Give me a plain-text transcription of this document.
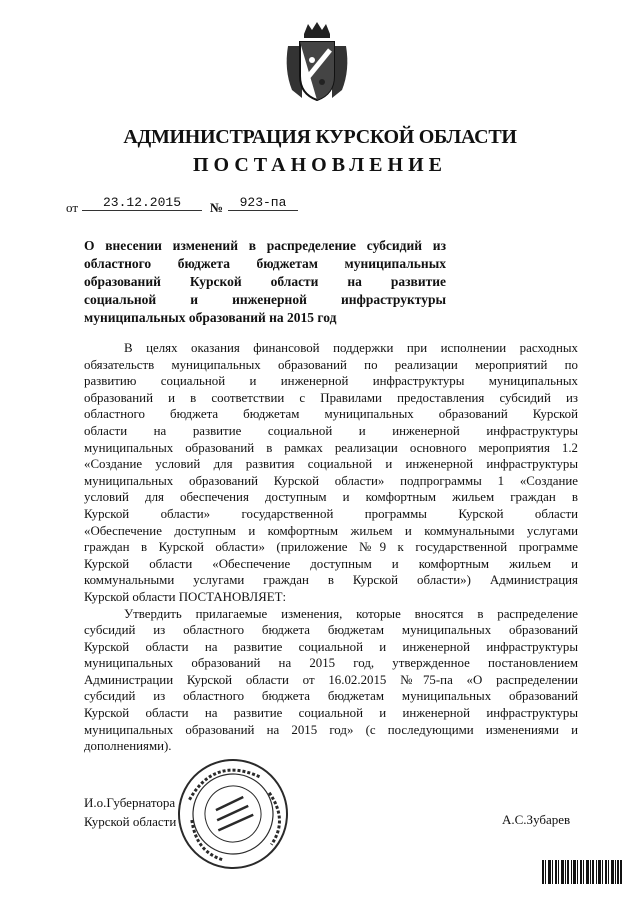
АДМИНИСТРАЦИЯ КУРСКОЙ ОБЛАСТИ
ПОСТАНОВЛЕНИЕ
от	23.12.2015	№	923-па
О внесении изменений в распределение субсидий из
областного бюджета бюджетам муниципальных
образований Курской области на развитие
социальной и инженерной инфраструктуры
муниципальных образований на 2015 год
В целях оказания финансовой поддержки при исполнении расходных
обязательств муниципальных образований по реализации мероприятий по
развитию социальной и инженерной инфраструктуры муниципальных
образований и в соответствии с Правилами предоставления субсидий из
областного бюджета бюджетам муниципальных образований Курской
области на развитие социальной и инженерной инфраструктуры
муниципальных образований в рамках реализации основного мероприятия 1.2
«Создание условий для развития социальной и инженерной инфраструктуры
муниципальных образований Курской области» подпрограммы 1 «Создание
условий для обеспечения доступным и комфортным жильем граждан в
Курской области» государственной программы Курской области
«Обеспечение доступным и комфортным жильем и коммунальными услугами
граждан в Курской области» (приложение №9 к государственной программе
Курской области «Обеспечение доступным и комфортным жильем и
коммунальными услугами граждан в Курской области») Администрация
Курской области ПОСТАНОВЛЯЕТ:
Утвердить прилагаемые изменения, которые вносятся в распределение
субсидий из областного бюджета бюджетам муниципальных образований
Курской области на развитие социальной и инженерной инфраструктуры
муниципальных образований на 2015 год, утвержденное постановлением
Администрации Курской области от 16.02.2015 №75-па «О распределении
субсидий из областного бюджета бюджетам муниципальных образований
Курской области на развитие социальной и инженерной инфраструктуры
муниципальных образований на 2015 год» (с последующими изменениями и
дополнениями).
И.о.Губернатора
Курской области	А.С.Зубарев
